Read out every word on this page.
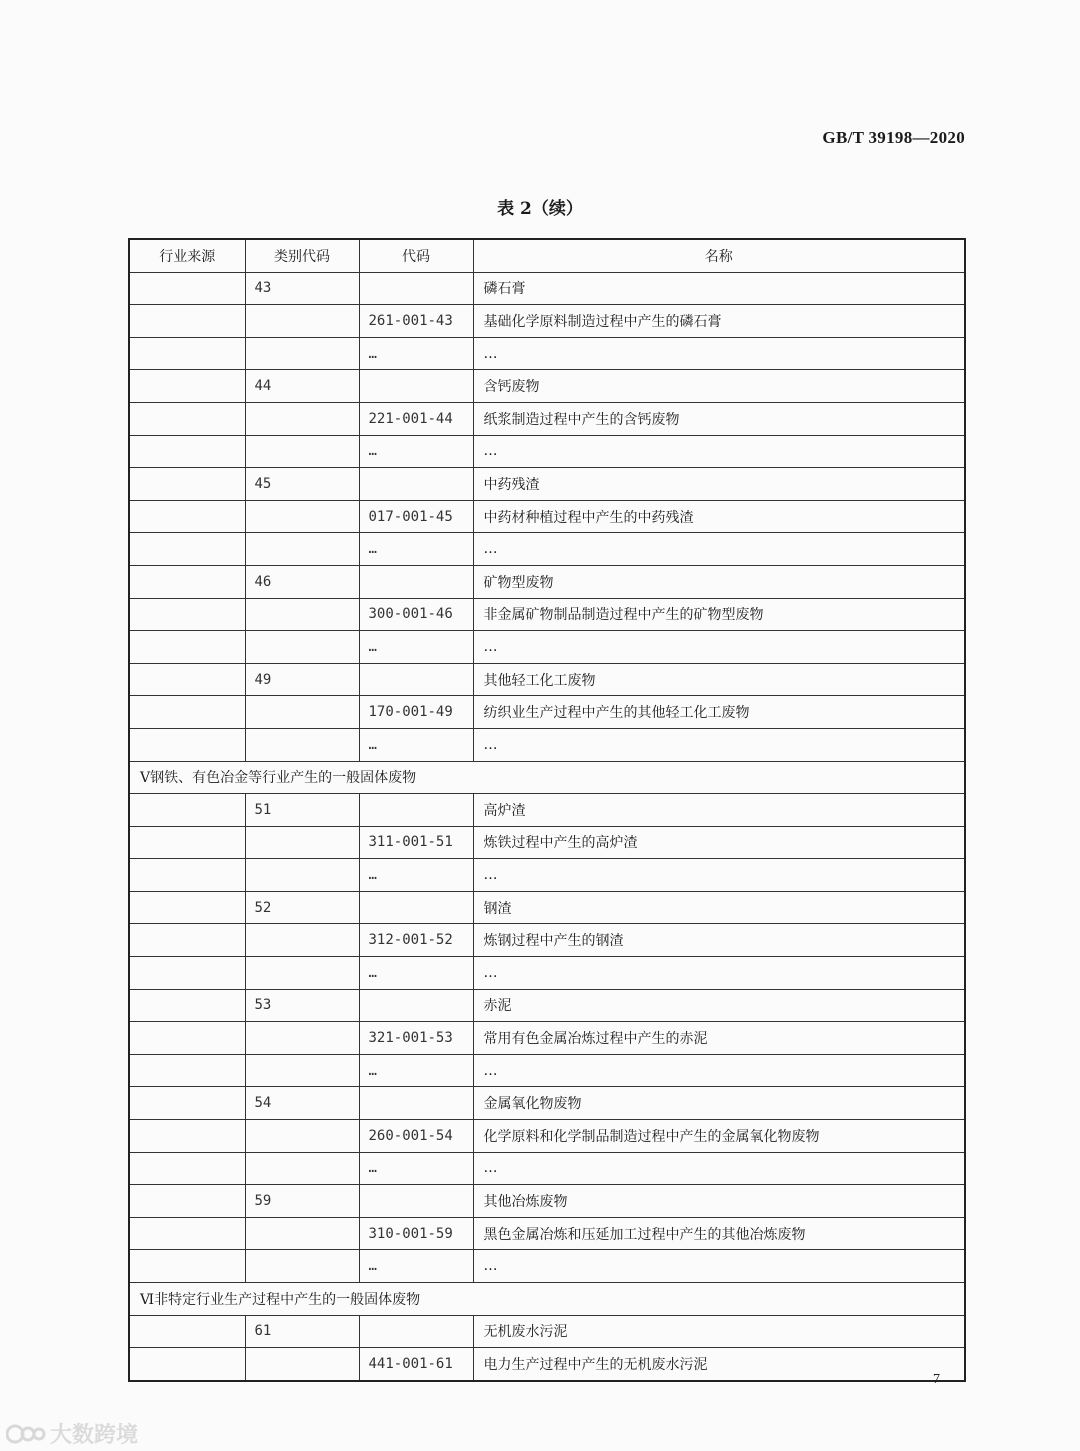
GB/T 39198—2020
表 2（续）
行业来源	类别代码	代码	名称
	43		磷石膏
		261-001-43	基础化学原料制造过程中产生的磷石膏
		…	…
	44		含钙废物
		221-001-44	纸浆制造过程中产生的含钙废物
		…	…
	45		中药残渣
		017-001-45	中药材种植过程中产生的中药残渣
		…	…
	46		矿物型废物
		300-001-46	非金属矿物制品制造过程中产生的矿物型废物
		…	…
	49		其他轻工化工废物
		170-001-49	纺织业生产过程中产生的其他轻工化工废物
		…	…
Ⅴ钢铁、有色冶金等行业产生的一般固体废物			
	51		高炉渣
		311-001-51	炼铁过程中产生的高炉渣
		…	…
	52		钢渣
		312-001-52	炼钢过程中产生的钢渣
		…	…
	53		赤泥
		321-001-53	常用有色金属冶炼过程中产生的赤泥
		…	…
	54		金属氧化物废物
		260-001-54	化学原料和化学制品制造过程中产生的金属氧化物废物
		…	…
	59		其他冶炼废物
		310-001-59	黑色金属冶炼和压延加工过程中产生的其他冶炼废物
		…	…
Ⅵ非特定行业生产过程中产生的一般固体废物			
	61		无机废水污泥
		441-001-61	电力生产过程中产生的无机废水污泥
7
大数跨境
